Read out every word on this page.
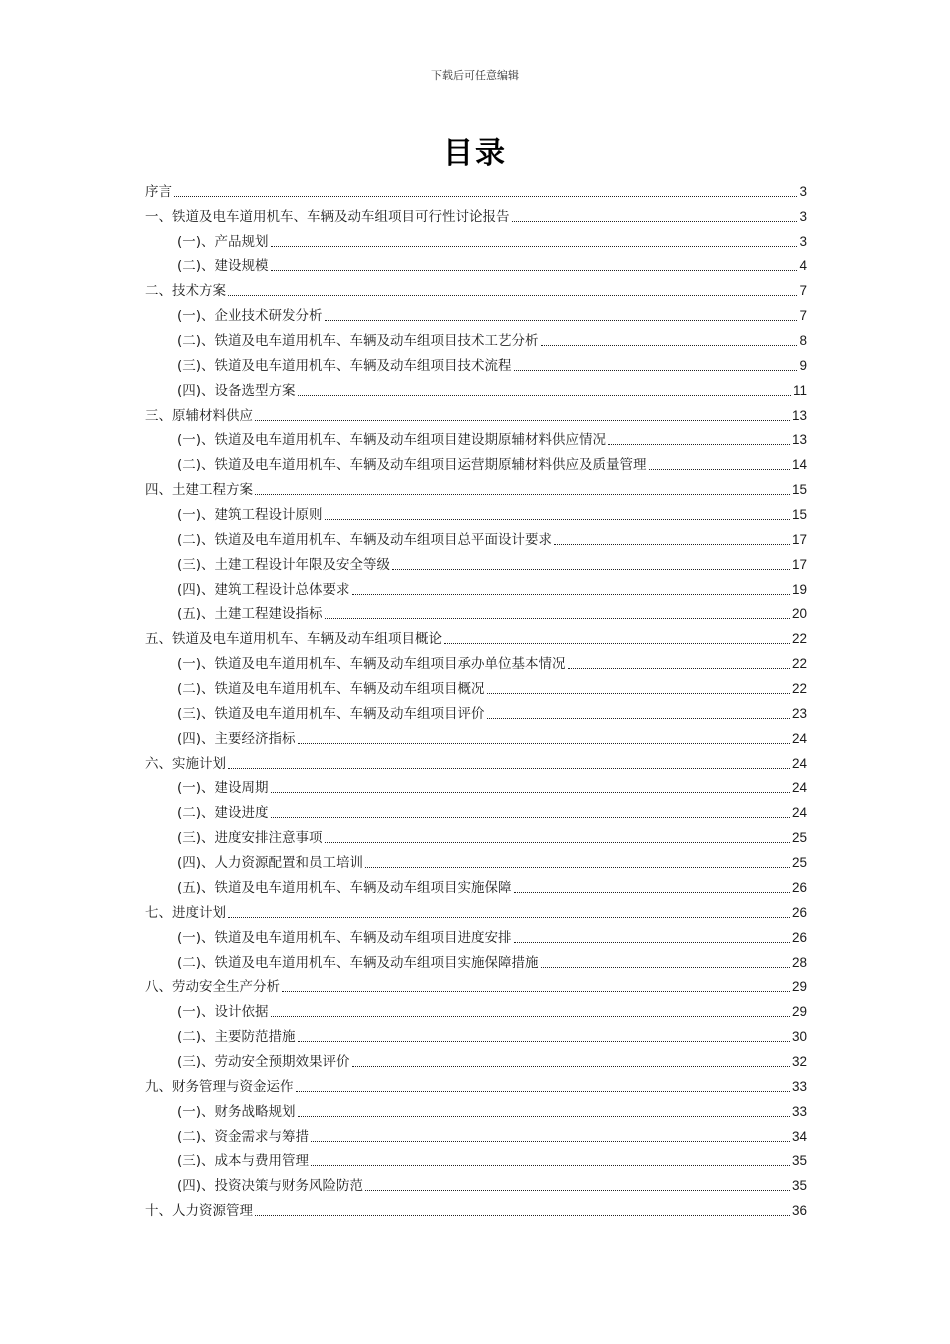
下载后可任意编辑
目录
序言	3
一、铁道及电车道用机车、车辆及动车组项目可行性讨论报告	3
(一)、产品规划	3
(二)、建设规模	4
二、技术方案	7
(一)、企业技术研发分析	7
(二)、铁道及电车道用机车、车辆及动车组项目技术工艺分析	8
(三)、铁道及电车道用机车、车辆及动车组项目技术流程	9
(四)、设备选型方案	11
三、原辅材料供应	13
(一)、铁道及电车道用机车、车辆及动车组项目建设期原辅材料供应情况	13
(二)、铁道及电车道用机车、车辆及动车组项目运营期原辅材料供应及质量管理	14
四、土建工程方案	15
(一)、建筑工程设计原则	15
(二)、铁道及电车道用机车、车辆及动车组项目总平面设计要求	17
(三)、土建工程设计年限及安全等级	17
(四)、建筑工程设计总体要求	19
(五)、土建工程建设指标	20
五、铁道及电车道用机车、车辆及动车组项目概论	22
(一)、铁道及电车道用机车、车辆及动车组项目承办单位基本情况	22
(二)、铁道及电车道用机车、车辆及动车组项目概况	22
(三)、铁道及电车道用机车、车辆及动车组项目评价	23
(四)、主要经济指标	24
六、实施计划	24
(一)、建设周期	24
(二)、建设进度	24
(三)、进度安排注意事项	25
(四)、人力资源配置和员工培训	25
(五)、铁道及电车道用机车、车辆及动车组项目实施保障	26
七、进度计划	26
(一)、铁道及电车道用机车、车辆及动车组项目进度安排	26
(二)、铁道及电车道用机车、车辆及动车组项目实施保障措施	28
八、劳动安全生产分析	29
(一)、设计依据	29
(二)、主要防范措施	30
(三)、劳动安全预期效果评价	32
九、财务管理与资金运作	33
(一)、财务战略规划	33
(二)、资金需求与筹措	34
(三)、成本与费用管理	35
(四)、投资决策与财务风险防范	35
十、人力资源管理	36
